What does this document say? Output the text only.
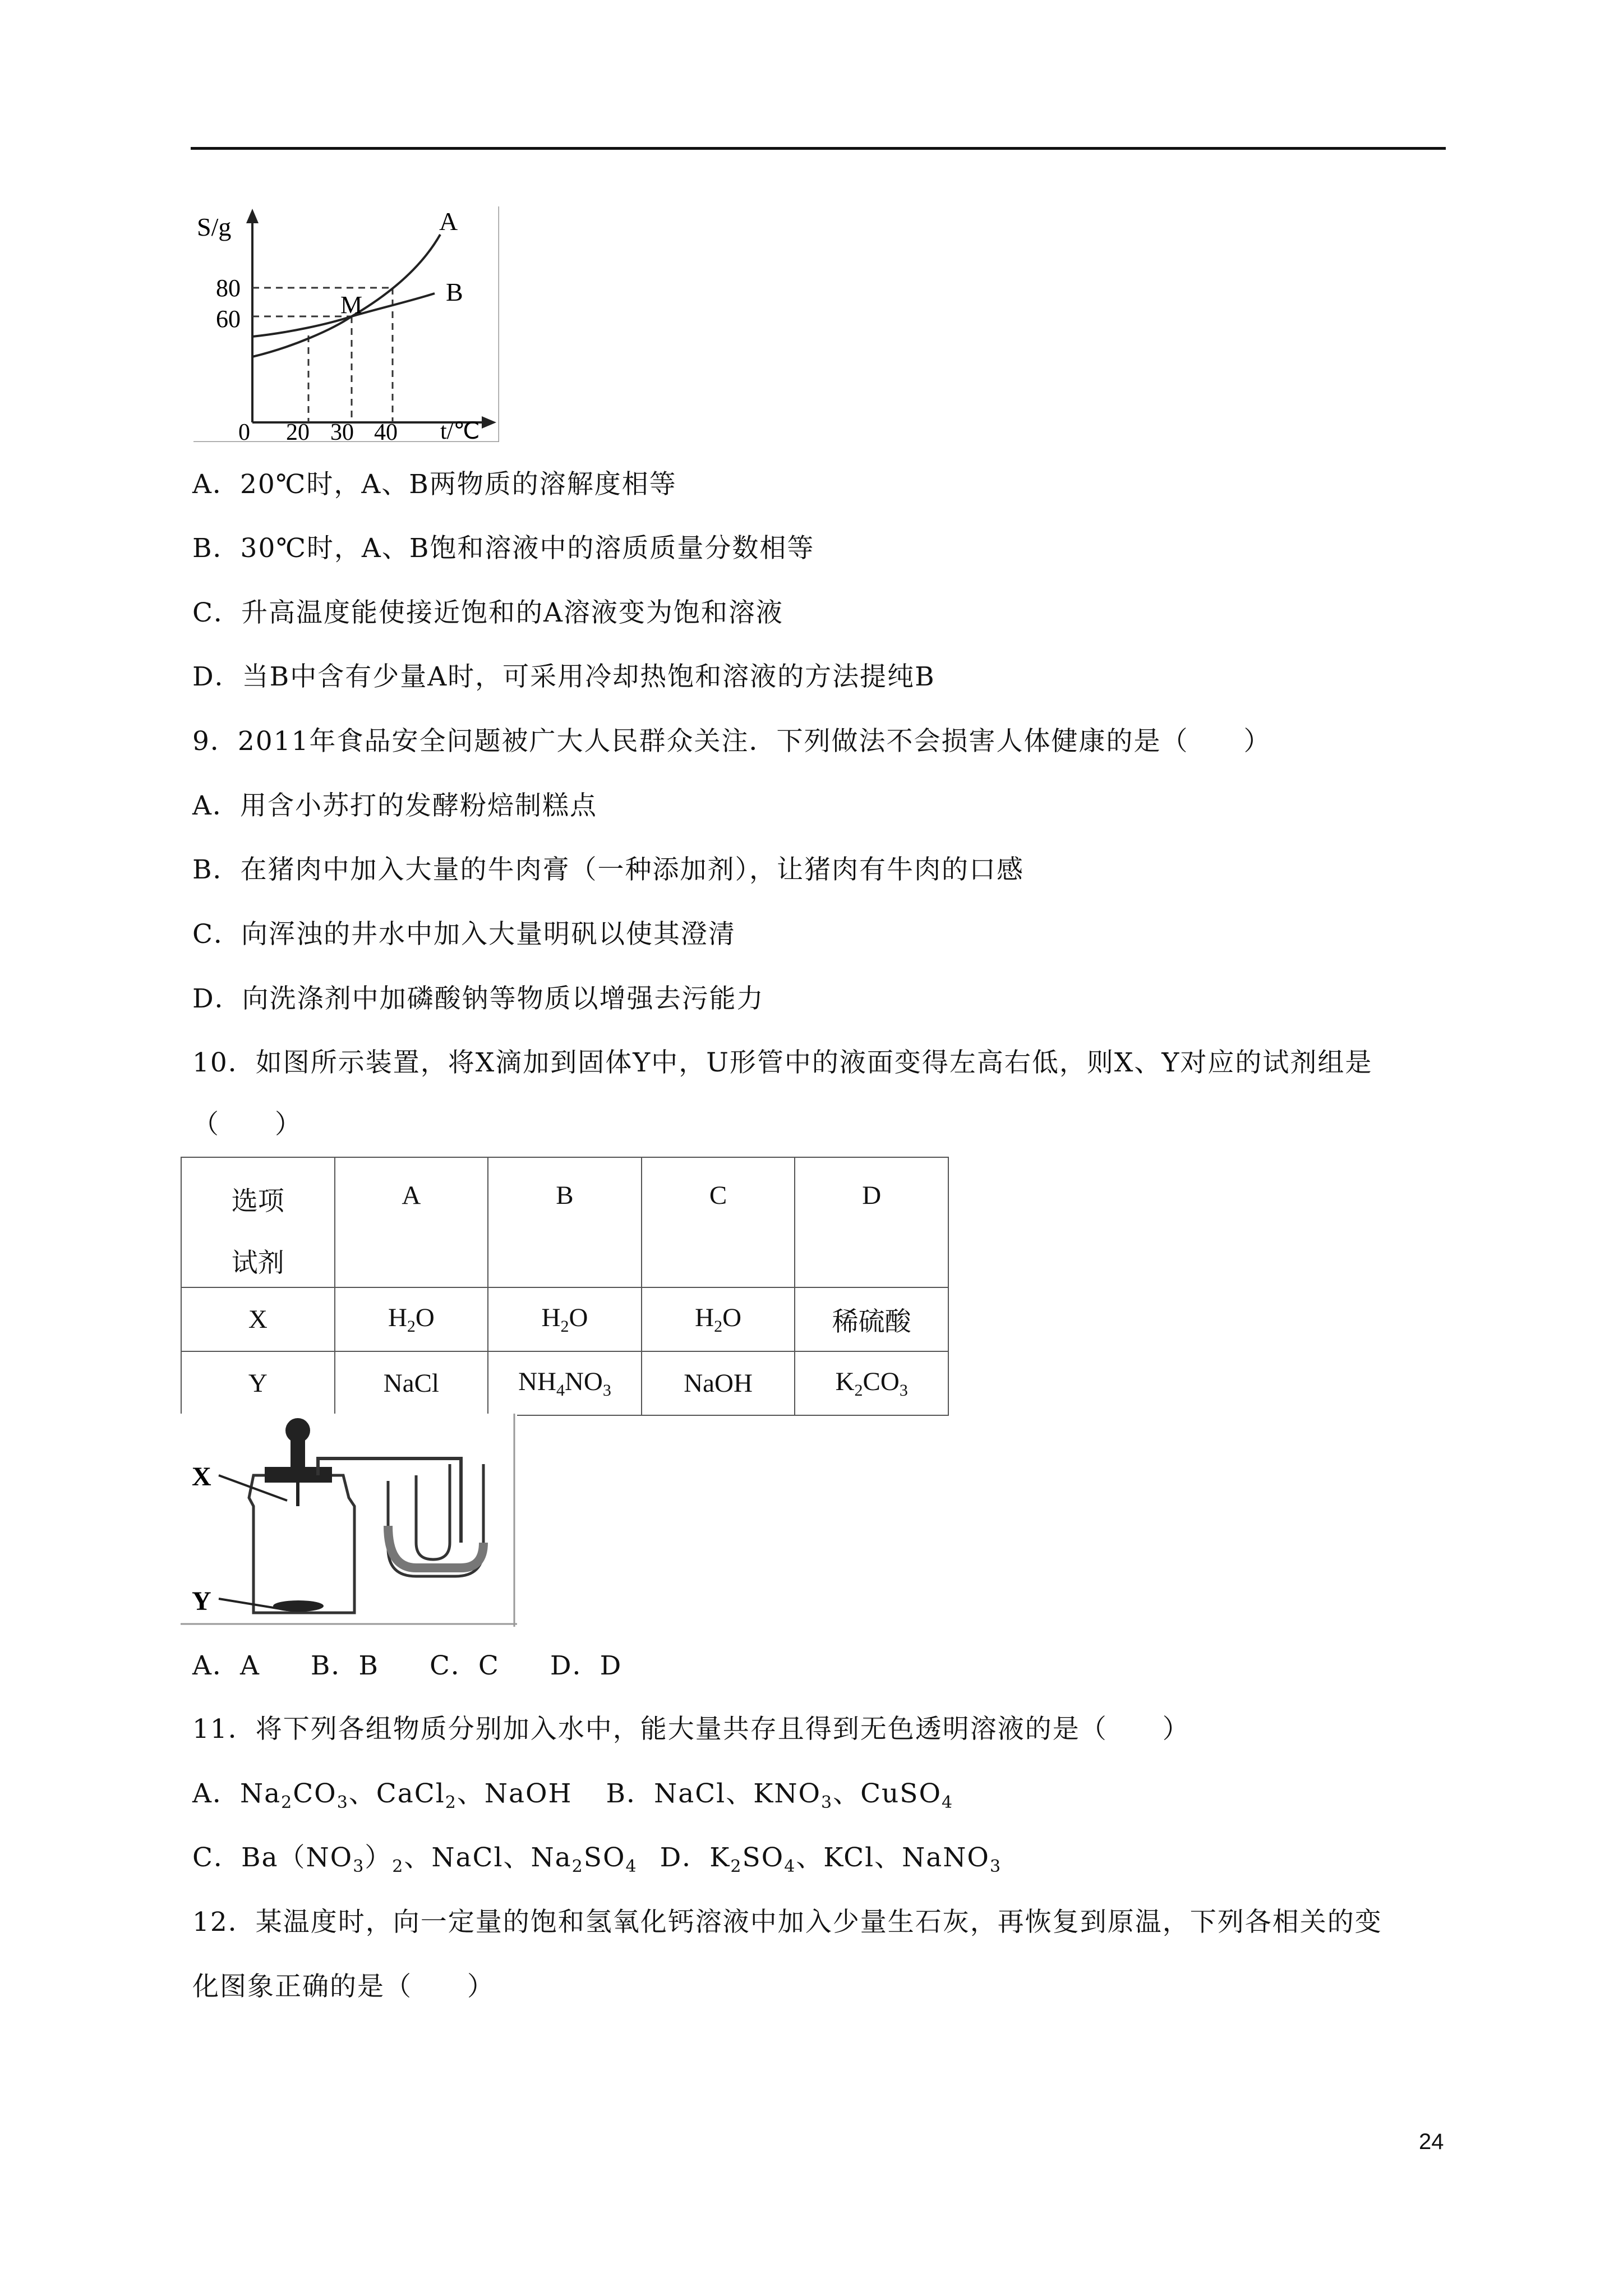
S/g	A
B
M
80
60
0 20 30 40 t/℃
A．20℃时，A、B两物质的溶解度相等
B．30℃时，A、B饱和溶液中的溶质质量分数相等
C．升高温度能使接近饱和的A溶液变为饱和溶液
D．当B中含有少量A时，可采用冷却热饱和溶液的方法提纯B
9．2011年食品安全问题被广大人民群众关注．下列做法不会损害人体健康的是（　　）
A．用含小苏打的发酵粉焙制糕点
B．在猪肉中加入大量的牛肉膏（一种添加剂），让猪肉有牛肉的口感
C．向浑浊的井水中加入大量明矾以使其澄清
D．向洗涤剂中加磷酸钠等物质以增强去污能力
10．如图所示装置，将X滴加到固体Y中，U形管中的液面变得左高右低，则X、Y对应的试剂组是
（　　）
选项
试剂	A	B	C	D

X	$H_2O$	$H_2O$	$H_2O$	稀硫酸
Y	NaCl	$NH_4NO_3$	NaOH	$K_2CO_3$
X
Y
A．A B．B C．C D．D
11．将下列各组物质分别加入水中，能大量共存且得到无色透明溶液的是（　　）
A．$Na_2CO_3$、CaCl$_2$、NaOH B．NaCl、$KNO_3$、CuSO$_4$
C．$Ba(NO_3)_2$、NaCl、$Na_2SO_4$ D．$K_2SO_4$、KCl、NaNO$_3$
12．某温度时，向一定量的饱和氢氧化钙溶液中加入少量生石灰，再恢复到原温，下列各相关的变
化图象正确的是（　　）
24
